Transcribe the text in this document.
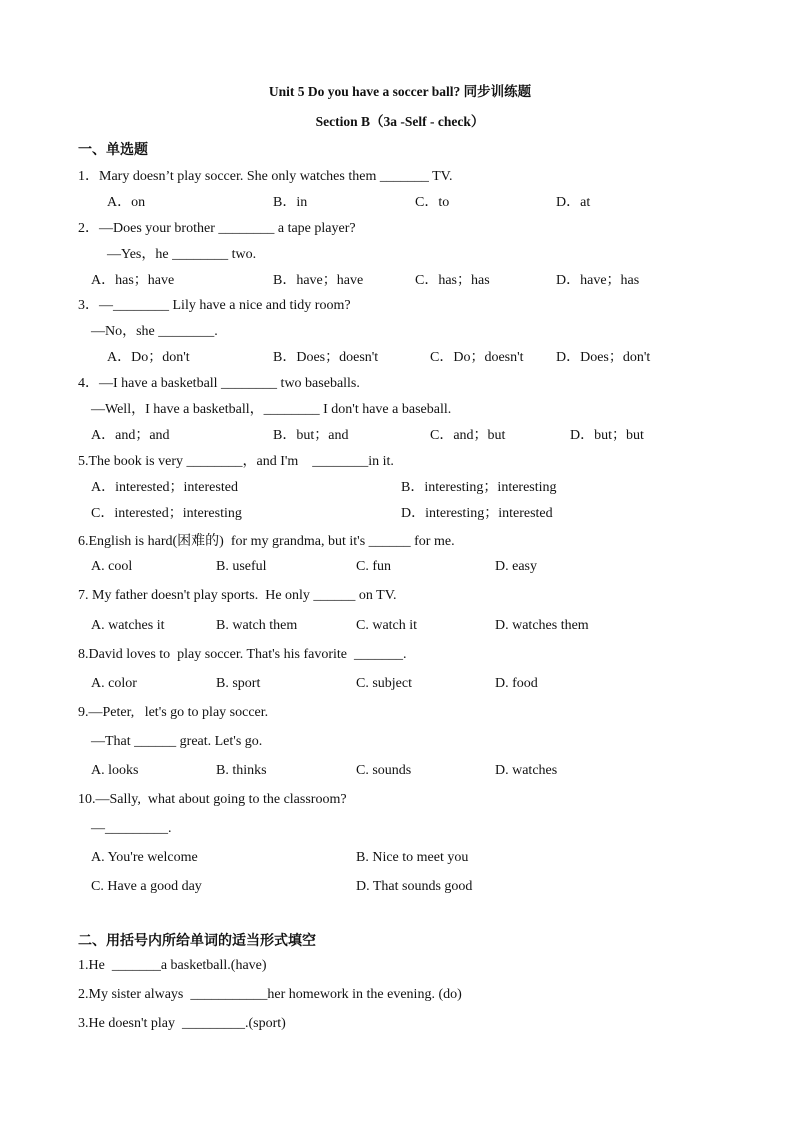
Unit 5 Do you have a soccer ball? 同步训练题
Section B（3a -Self - check）
一、单选题
1．Mary doesn’t play soccer. She only watches them _______ TV.
A．on	B．in	C．to	D．at
2．—Does your brother ________ a tape player?
—Yes，he ________ two.
A．has；have	B．have；have	C．has；has	D．have；has
3．—________ Lily have a nice and tidy room?
—No，she ________.
A．Do；don't	B．Does；doesn't	C．Do；doesn't D．Does；don't
4．—I have a basketball ________ two baseballs.
—Well，I have a basketball，________ I don't have a baseball.
A．and；and	B．but；and	C．and；but	D．but；but
5.The book is very ________，and I'm    ________in it.
A．interested；interested	B．interesting；interesting
C．interested；interesting	D．interesting；interested
6.English is hard(困难的)  for my grandma, but it's ______ for me.
A. cool	B. useful	C. fun	D. easy
7. My father doesn't play sports.  He only ______ on TV.
A. watches it	B. watch them	C. watch it	D. watches them
8.David loves to  play soccer. That's his favorite  _______.
A. color	B. sport	C. subject	D. food
9.—Peter,   let's go to play soccer.
—That ______ great. Let's go.
A. looks	B. thinks	C. sounds	D. watches
10.—Sally,  what about going to the classroom?
—_________.
A. You're welcome	B. Nice to meet you
C. Have a good day	D. That sounds good
二、用括号内所给单词的适当形式填空
1.He  _______a basketball.(have)
2.My sister always  ___________her homework in the evening. (do)
3.He doesn't play  _________.(sport)
